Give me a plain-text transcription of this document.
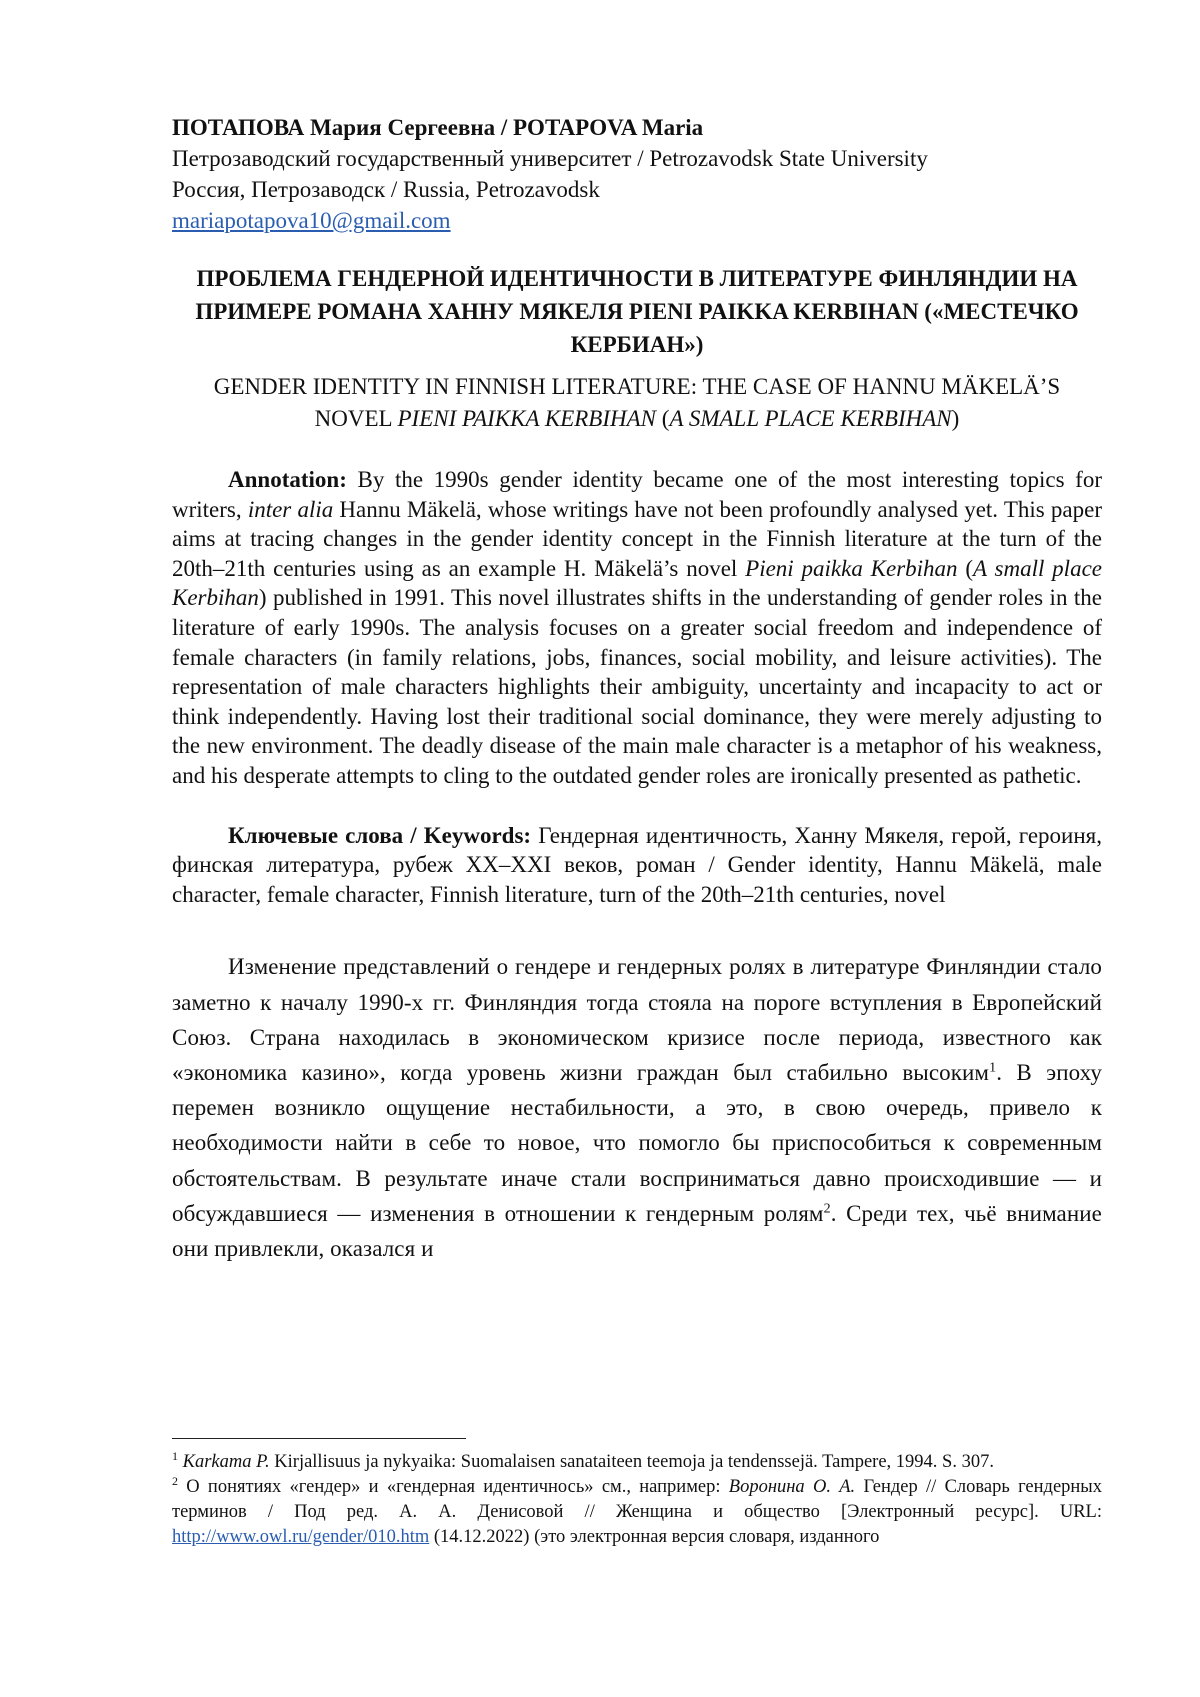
ПОТАПОВА Мария Сергеевна / POTAPOVA Maria
Петрозаводский государственный университет / Petrozavodsk State University
Россия, Петрозаводск / Russia, Petrozavodsk
mariapotapova10@gmail.com
ПРОБЛЕМА ГЕНДЕРНОЙ ИДЕНТИЧНОСТИ В ЛИТЕРАТУРЕ ФИНЛЯНДИИ НА ПРИМЕРЕ РОМАНА ХАННУ МЯКЕЛЯ PIENI PAIKKA KERBIHAN («МЕСТЕЧКО КЕРБИАН»)
GENDER IDENTITY IN FINNISH LITERATURE: THE CASE OF HANNU MÄKELÄ’S NOVEL PIENI PAIKKA KERBIHAN (A SMALL PLACE KERBIHAN)
Annotation: By the 1990s gender identity became one of the most interesting topics for writers, inter alia Hannu Mäkelä, whose writings have not been profoundly analysed yet. This paper aims at tracing changes in the gender identity concept in the Finnish literature at the turn of the 20th–21th centuries using as an example H. Mäkelä’s novel Pieni paikka Kerbihan (A small place Kerbihan) published in 1991. This novel illustrates shifts in the understanding of gender roles in the literature of early 1990s. The analysis focuses on a greater social freedom and independence of female characters (in family relations, jobs, finances, social mobility, and leisure activities). The representation of male characters highlights their ambiguity, uncertainty and incapacity to act or think independently. Having lost their traditional social dominance, they were merely adjusting to the new environment. The deadly disease of the main male character is a metaphor of his weakness, and his desperate attempts to cling to the outdated gender roles are ironically presented as pathetic.
Ключевые слова / Keywords: Гендерная идентичность, Ханну Мякеля, герой, героиня, финская литература, рубеж XX–XXI веков, роман / Gender identity, Hannu Mäkelä, male character, female character, Finnish literature, turn of the 20th–21th centuries, novel
Изменение представлений о гендере и гендерных ролях в литературе Финляндии стало заметно к началу 1990-х гг. Финляндия тогда стояла на пороге вступления в Европейский Союз. Страна находилась в экономическом кризисе после периода, известного как «экономика казино», когда уровень жизни граждан был стабильно высоким$^1$. В эпоху перемен возникло ощущение нестабильности, а это, в свою очередь, привело к необходимости найти в себе то новое, что помогло бы приспособиться к современным обстоятельствам. В результате иначе стали восприниматься давно происходившие — и обсуждавшиеся — изменения в отношении к гендерным ролям$^2$. Среди тех, чьё внимание они привлекли, оказался и
$^1$ Karkama P. Kirjallisuus ja nykyaika: Suomalaisen sanataiteen teemoja ja tendenssejä. Tampere, 1994. S. 307.
$^2$ О понятиях «гендер» и «гендерная идентичнось» см., например: Воронина О. А. Гендер // Словарь гендерных терминов / Под ред. А. А. Денисовой // Женщина и общество [Электронный ресурс]. URL: http://www.owl.ru/gender/010.htm (14.12.2022) (это электронная версия словаря, изданного
